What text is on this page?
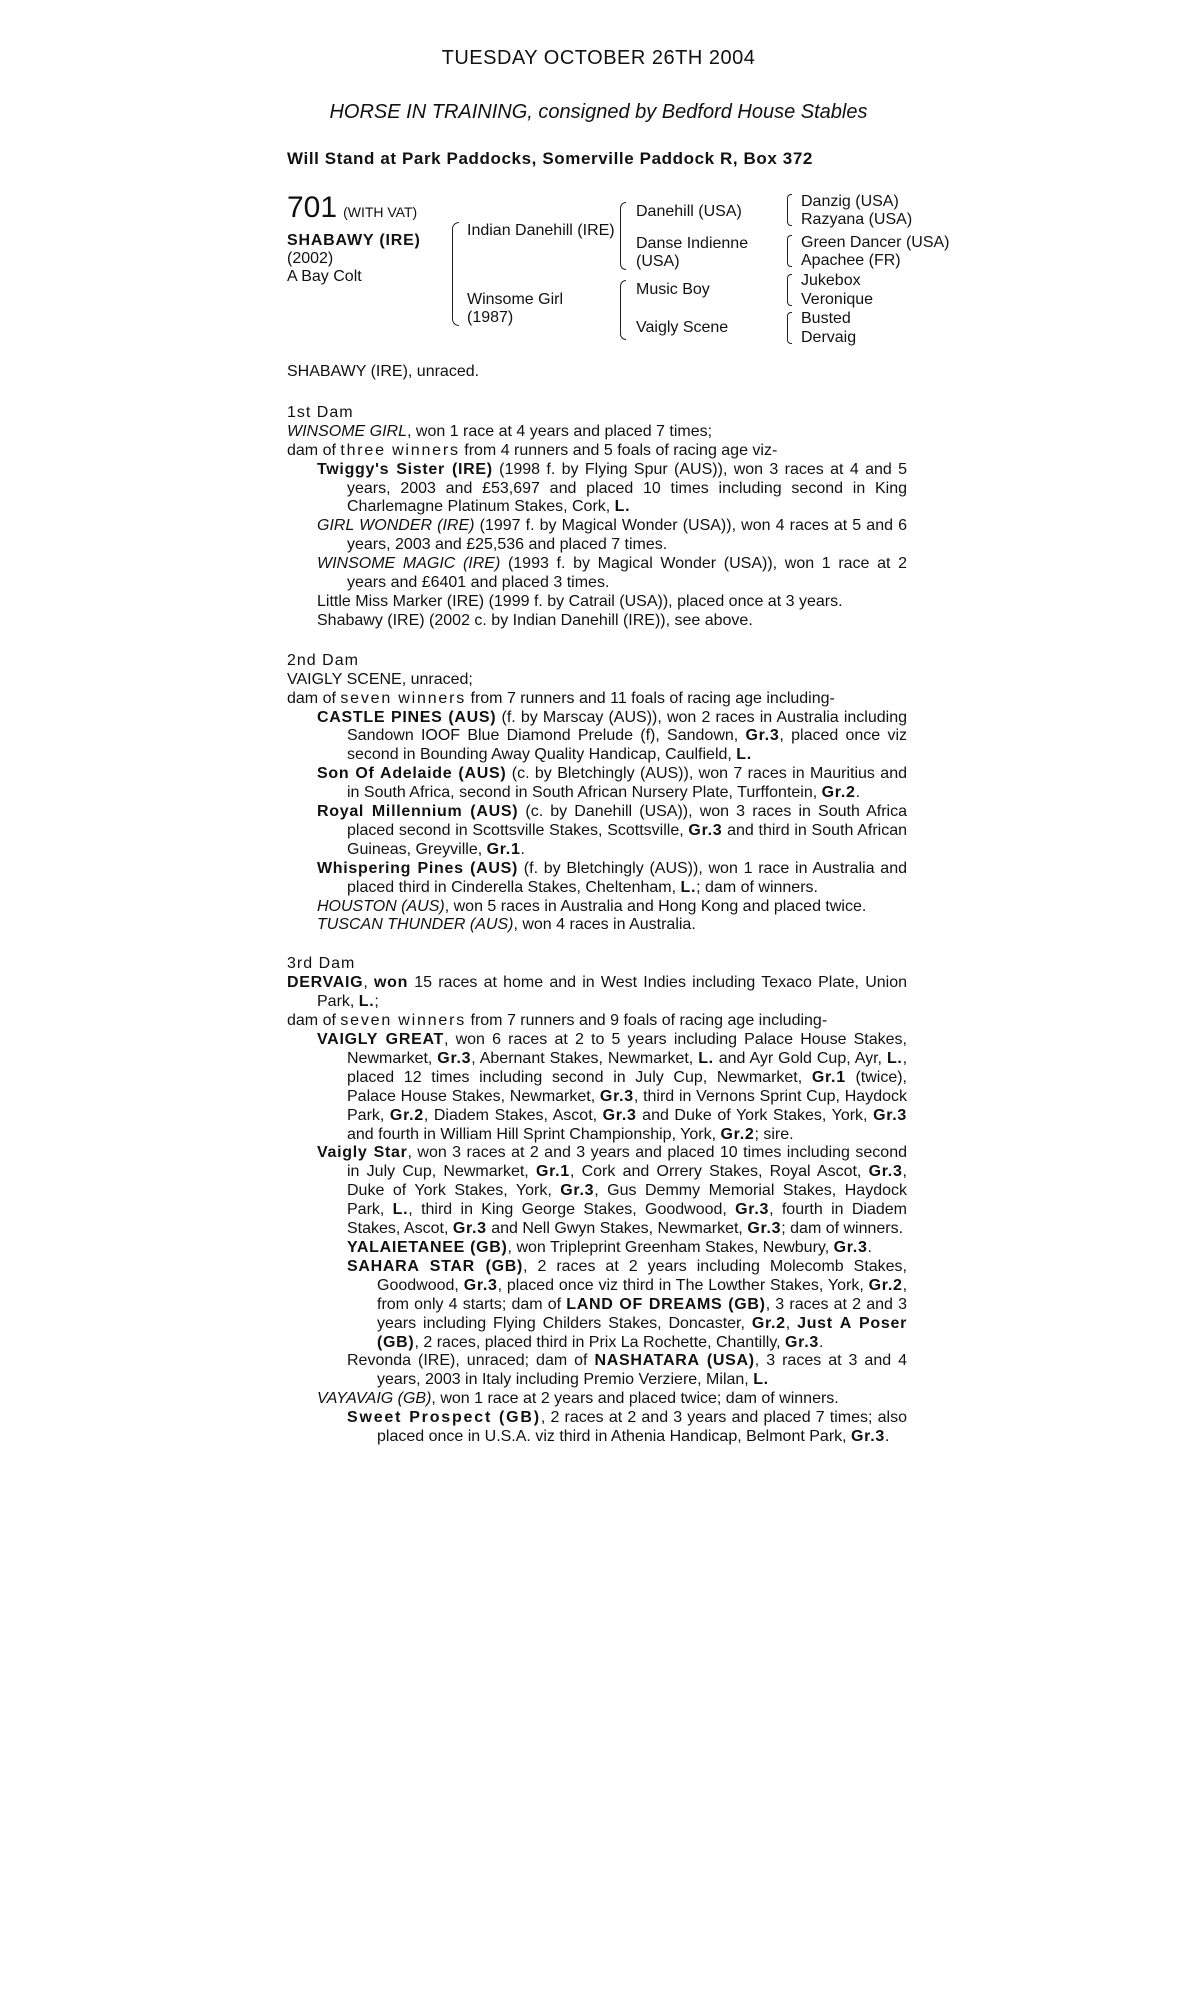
TUESDAY OCTOBER 26TH 2004
HORSE IN TRAINING, consigned by Bedford House Stables
Will Stand at Park Paddocks, Somerville Paddock R, Box 372
701 (WITH VAT)
SHABAWY (IRE)
(2002)
A Bay Colt
Indian Danehill (IRE)
Winsome Girl
(1987)
Danehill (USA)
Danse Indienne
(USA)
Music Boy
Vaigly Scene
Danzig (USA)
Razyana (USA)
Green Dancer (USA)
Apachee (FR)
Jukebox
Veronique
Busted
Dervaig
SHABAWY (IRE), unraced.
1st Dam
WINSOME GIRL, won 1 race at 4 years and placed 7 times;
dam of three winners from 4 runners and 5 foals of racing age viz-
Twiggy's Sister (IRE) (1998 f. by Flying Spur (AUS)), won 3 races at 4 and 5 years, 2003 and £53,697 and placed 10 times including second in King Charlemagne Platinum Stakes, Cork, L.
GIRL WONDER (IRE) (1997 f. by Magical Wonder (USA)), won 4 races at 5 and 6 years, 2003 and £25,536 and placed 7 times.
WINSOME MAGIC (IRE) (1993 f. by Magical Wonder (USA)), won 1 race at 2 years and £6401 and placed 3 times.
Little Miss Marker (IRE) (1999 f. by Catrail (USA)), placed once at 3 years.
Shabawy (IRE) (2002 c. by Indian Danehill (IRE)), see above.
2nd Dam
VAIGLY SCENE, unraced;
dam of seven winners from 7 runners and 11 foals of racing age including-
CASTLE PINES (AUS) (f. by Marscay (AUS)), won 2 races in Australia including Sandown IOOF Blue Diamond Prelude (f), Sandown, Gr.3, placed once viz second in Bounding Away Quality Handicap, Caulfield, L.
Son Of Adelaide (AUS) (c. by Bletchingly (AUS)), won 7 races in Mauritius and in South Africa, second in South African Nursery Plate, Turffontein, Gr.2.
Royal Millennium (AUS) (c. by Danehill (USA)), won 3 races in South Africa placed second in Scottsville Stakes, Scottsville, Gr.3 and third in South African Guineas, Greyville, Gr.1.
Whispering Pines (AUS) (f. by Bletchingly (AUS)), won 1 race in Australia and placed third in Cinderella Stakes, Cheltenham, L.; dam of winners.
HOUSTON (AUS), won 5 races in Australia and Hong Kong and placed twice.
TUSCAN THUNDER (AUS), won 4 races in Australia.
3rd Dam
DERVAIG, won 15 races at home and in West Indies including Texaco Plate, Union Park, L.;
dam of seven winners from 7 runners and 9 foals of racing age including-
VAIGLY GREAT, won 6 races at 2 to 5 years including Palace House Stakes, Newmarket, Gr.3, Abernant Stakes, Newmarket, L. and Ayr Gold Cup, Ayr, L., placed 12 times including second in July Cup, Newmarket, Gr.1 (twice), Palace House Stakes, Newmarket, Gr.3, third in Vernons Sprint Cup, Haydock Park, Gr.2, Diadem Stakes, Ascot, Gr.3 and Duke of York Stakes, York, Gr.3 and fourth in William Hill Sprint Championship, York, Gr.2; sire.
Vaigly Star, won 3 races at 2 and 3 years and placed 10 times including second in July Cup, Newmarket, Gr.1, Cork and Orrery Stakes, Royal Ascot, Gr.3, Duke of York Stakes, York, Gr.3, Gus Demmy Memorial Stakes, Haydock Park, L., third in King George Stakes, Goodwood, Gr.3, fourth in Diadem Stakes, Ascot, Gr.3 and Nell Gwyn Stakes, Newmarket, Gr.3; dam of winners.
YALAIETANEE (GB), won Tripleprint Greenham Stakes, Newbury, Gr.3.
SAHARA STAR (GB), 2 races at 2 years including Molecomb Stakes, Goodwood, Gr.3, placed once viz third in The Lowther Stakes, York, Gr.2, from only 4 starts; dam of LAND OF DREAMS (GB), 3 races at 2 and 3 years including Flying Childers Stakes, Doncaster, Gr.2, Just A Poser (GB), 2 races, placed third in Prix La Rochette, Chantilly, Gr.3.
Revonda (IRE), unraced; dam of NASHATARA (USA), 3 races at 3 and 4 years, 2003 in Italy including Premio Verziere, Milan, L.
VAYAVAIG (GB), won 1 race at 2 years and placed twice; dam of winners.
Sweet Prospect (GB), 2 races at 2 and 3 years and placed 7 times; also placed once in U.S.A. viz third in Athenia Handicap, Belmont Park, Gr.3.
